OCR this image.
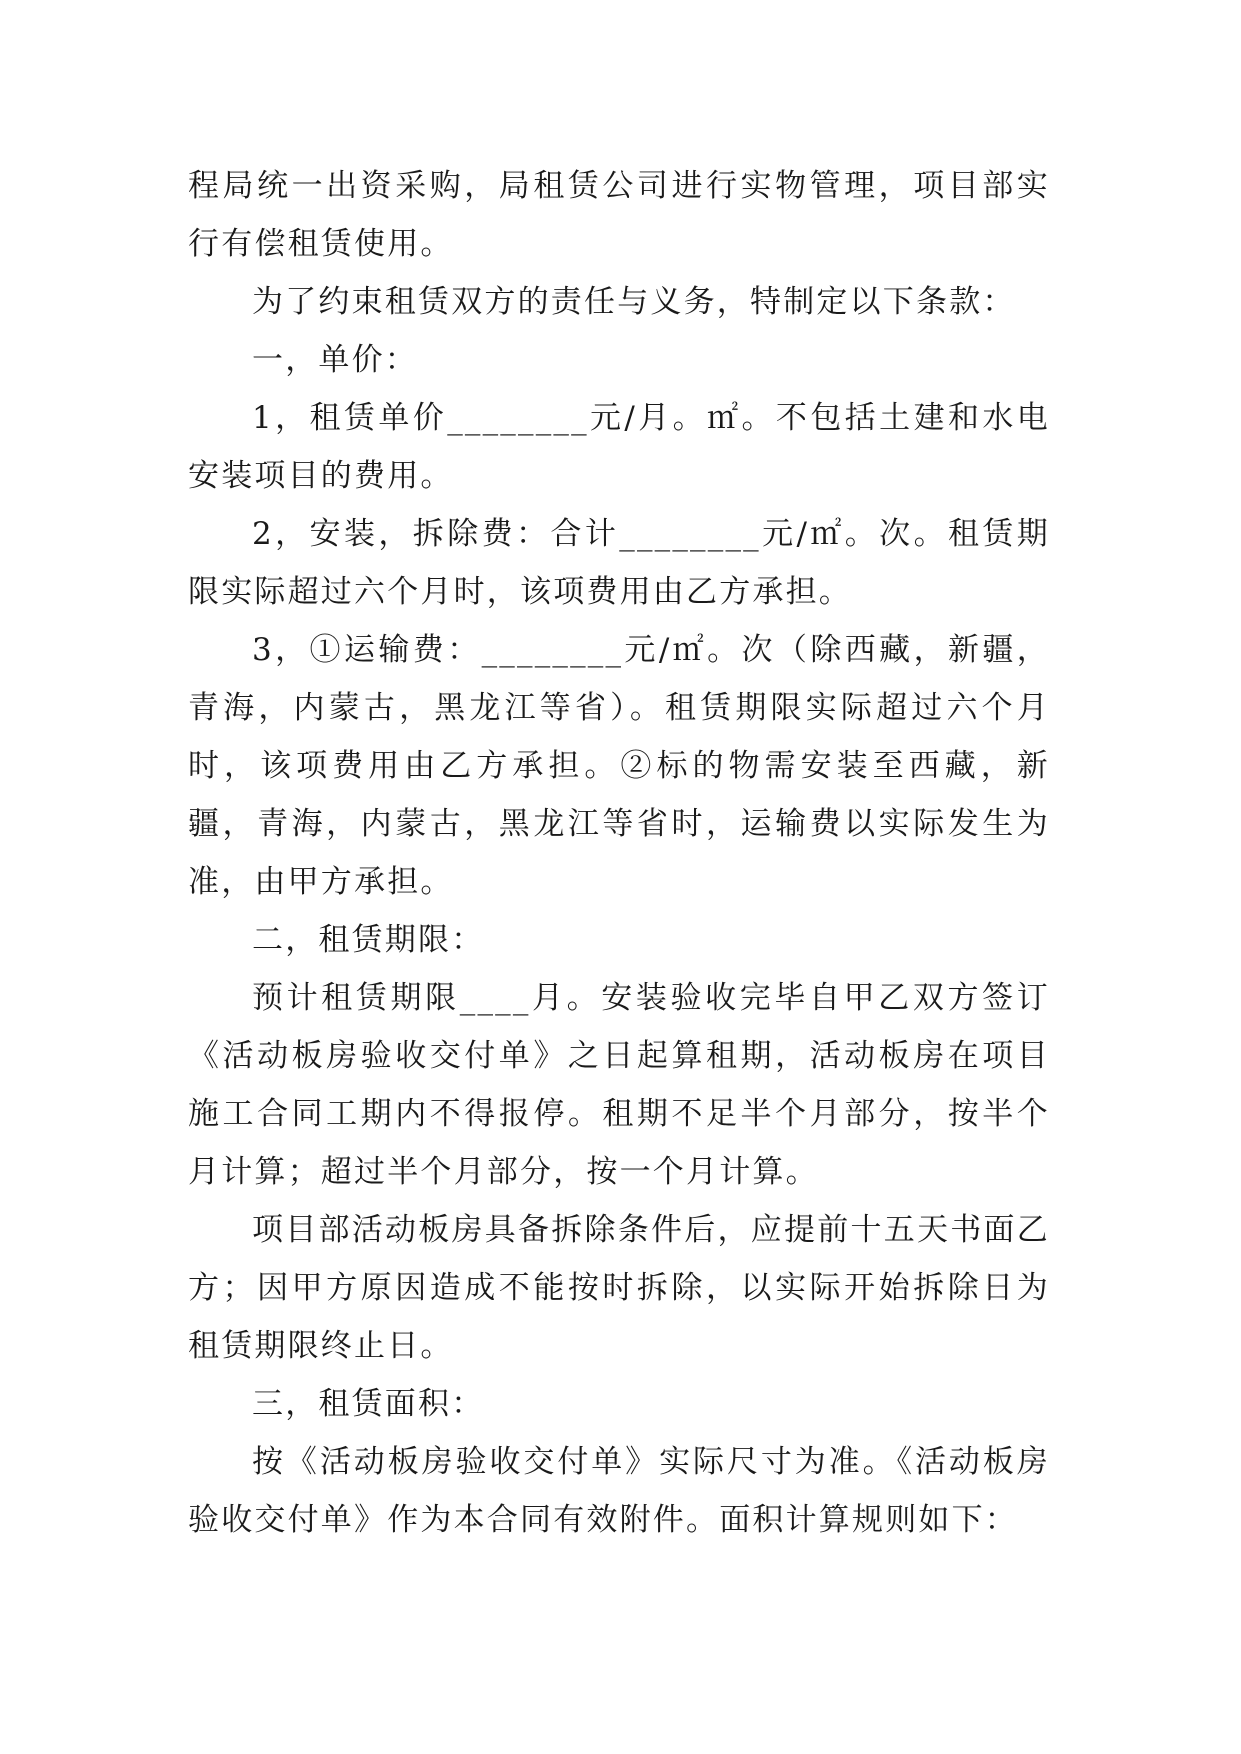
程局统一出资采购，局租赁公司进行实物管理，项目部实行有偿租赁使用。

为了约束租赁双方的责任与义务，特制定以下条款：

一，单价：

1，租赁单价________元/月。㎡。不包括土建和水电安装项目的费用。

2，安装，拆除费：合计________元/㎡。次。租赁期限实际超过六个月时，该项费用由乙方承担。

3，①运输费：________元/㎡。次（除西藏，新疆，青海，内蒙古，黑龙江等省）。租赁期限实际超过六个月时，该项费用由乙方承担。②标的物需安装至西藏，新疆，青海，内蒙古，黑龙江等省时，运输费以实际发生为准，由甲方承担。

二，租赁期限：

预计租赁期限____月。安装验收完毕自甲乙双方签订《活动板房验收交付单》之日起算租期，活动板房在项目施工合同工期内不得报停。租期不足半个月部分，按半个月计算；超过半个月部分，按一个月计算。

项目部活动板房具备拆除条件后，应提前十五天书面乙方；因甲方原因造成不能按时拆除，以实际开始拆除日为租赁期限终止日。

三，租赁面积：

按《活动板房验收交付单》实际尺寸为准。《活动板房验收交付单》作为本合同有效附件。面积计算规则如下：
